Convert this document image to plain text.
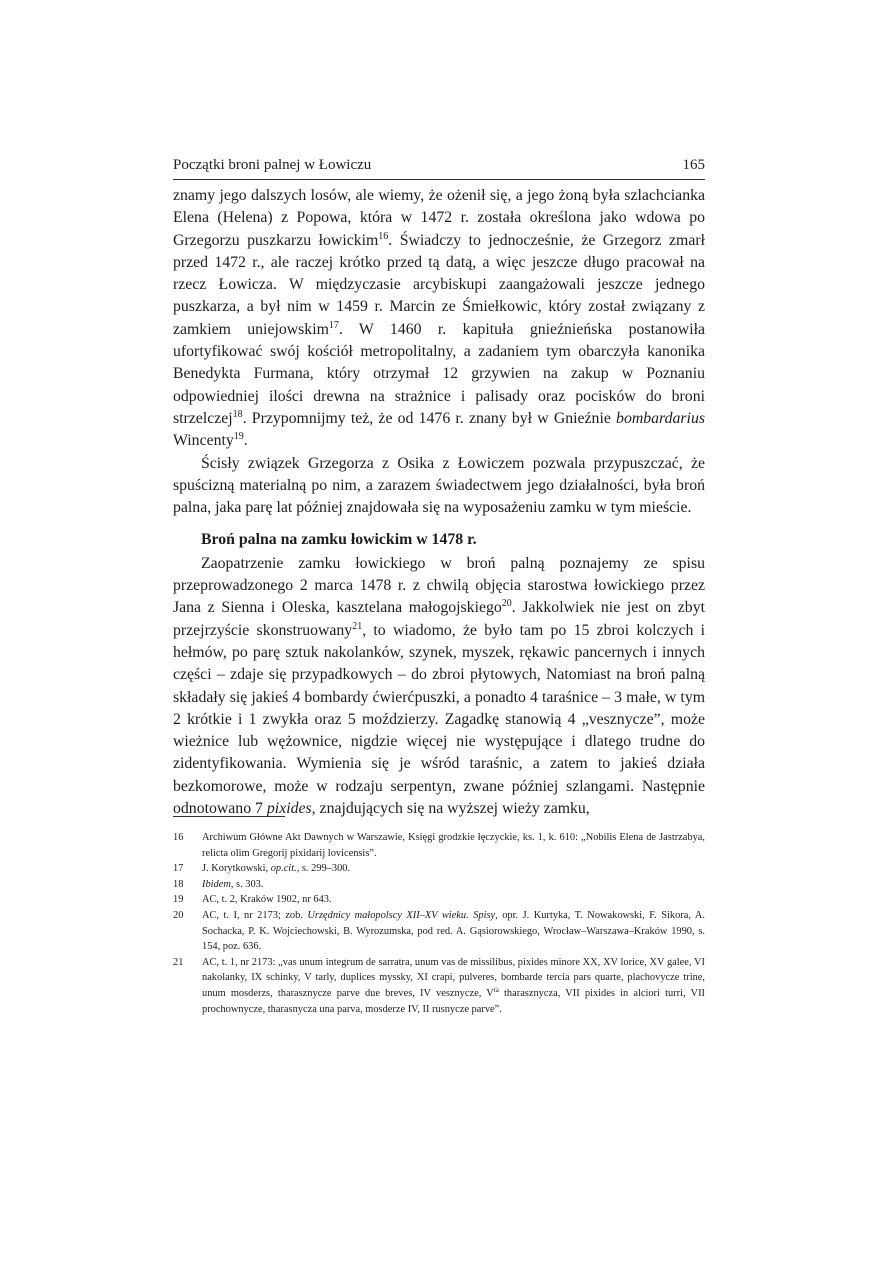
Początki broni palnej w Łowiczu	165

znamy jego dalszych losów, ale wiemy, że ożenił się, a jego żoną była szlachcianka Elena (Helena) z Popowa, która w 1472 r. została określona jako wdowa po Grzegorzu puszkarzu łowickim$^{16}$. Świadczy to jednocześnie, że Grzegorz zmarł przed 1472 r., ale raczej krótko przed tą datą, a więc jeszcze długo pracował na rzecz Łowicza. W międzyczasie arcybiskupi zaangażowali jeszcze jednego puszkarza, a był nim w 1459 r. Marcin ze Śmiełkowic, który został związany z zamkiem uniejowskim$^{17}$. W 1460 r. kapituła gnieźnieńska postanowiła ufortyfikować swój kościół metropolitalny, a zadaniem tym obarczyła kanonika Benedykta Furmana, który otrzymał 12 grzywien na zakup w Poznaniu odpowiedniej ilości drewna na strażnice i palisady oraz pocisków do broni strzelczej$^{18}$. Przypomnijmy też, że od 1476 r. znany był w Gnieźnie bombardarius Wincenty$^{19}$.

Ścisły związek Grzegorza z Osika z Łowiczem pozwala przypuszczać, że spuścizną materialną po nim, a zarazem świadectwem jego działalności, była broń palna, jaka parę lat później znajdowała się na wyposażeniu zamku w tym mieście.

Broń palna na zamku łowickim w 1478 r.

Zaopatrzenie zamku łowickiego w broń palną poznajemy ze spisu przeprowadzonego 2 marca 1478 r. z chwilą objęcia starostwa łowickiego przez Jana z Sienna i Oleska, kasztelana małogojskiego$^{20}$. Jakkolwiek nie jest on zbyt przejrzyście skonstruowany$^{21}$, to wiadomo, że było tam po 15 zbroi kolczych i hełmów, po parę sztuk nakolanków, szynek, myszek, rękawic pancernych i innych części – zdaje się przypadkowych – do zbroi płytowych, Natomiast na broń palną składały się jakieś 4 bombardy ćwierćpuszki, a ponadto 4 taraśnice – 3 małe, w tym 2 krótkie i 1 zwykła oraz 5 moździerzy. Zagadkę stanowią 4 „vesznycze”, może wieżnice lub wężownice, nigdzie więcej nie występujące i dlatego trudne do zidentyfikowania. Wymienia się je wśród taraśnic, a zatem to jakieś działa bezkomorowe, może w rodzaju serpentyn, zwane później szlangami. Następnie odnotowano 7 pixides, znajdujących się na wyższej wieży zamku,

16	Archiwum Główne Akt Dawnych w Warszawie, Księgi grodzkie łęczyckie, ks. 1, k. 610: „Nobilis Elena de Jastrzabya, relicta olim Gregorij pixidarij lovicensis”.
17	J. Korytkowski, op.cit., s. 299–300.
18	Ibidem, s. 303.
19	AC, t. 2, Kraków 1902, nr 643.
20	AC, t. I, nr 2173; zob. Urzędnicy małopolscy XII–XV wieku. Spisy, opr. J. Kurtyka, T. Nowakowski, F. Sikora, A. Sochacka, P. K. Wojciechowski, B. Wyrozumska, pod red. A. Gąsiorowskiego, Wrocław–Warszawa–Kraków 1990, s. 154, poz. 636.
21	AC, t. 1, nr 2173: „vas unum integrum de sarratra, unum vas de missilibus, pixides minore XX, XV lorice, XV galee, VI nakolanky, IX schinky, V tarly, duplices myssky, XI crapi, pulveres, bombarde tercia pars quarte, plachovycze trine, unum mosderzs, tharasznycze parve due breves, IV vesznycze, $V^{ta}$ tharasznycza, VII pixides in alciori turri, VII prochownycze, tharasnycza una parva, mosderze IV, II rusnycze parve”.
